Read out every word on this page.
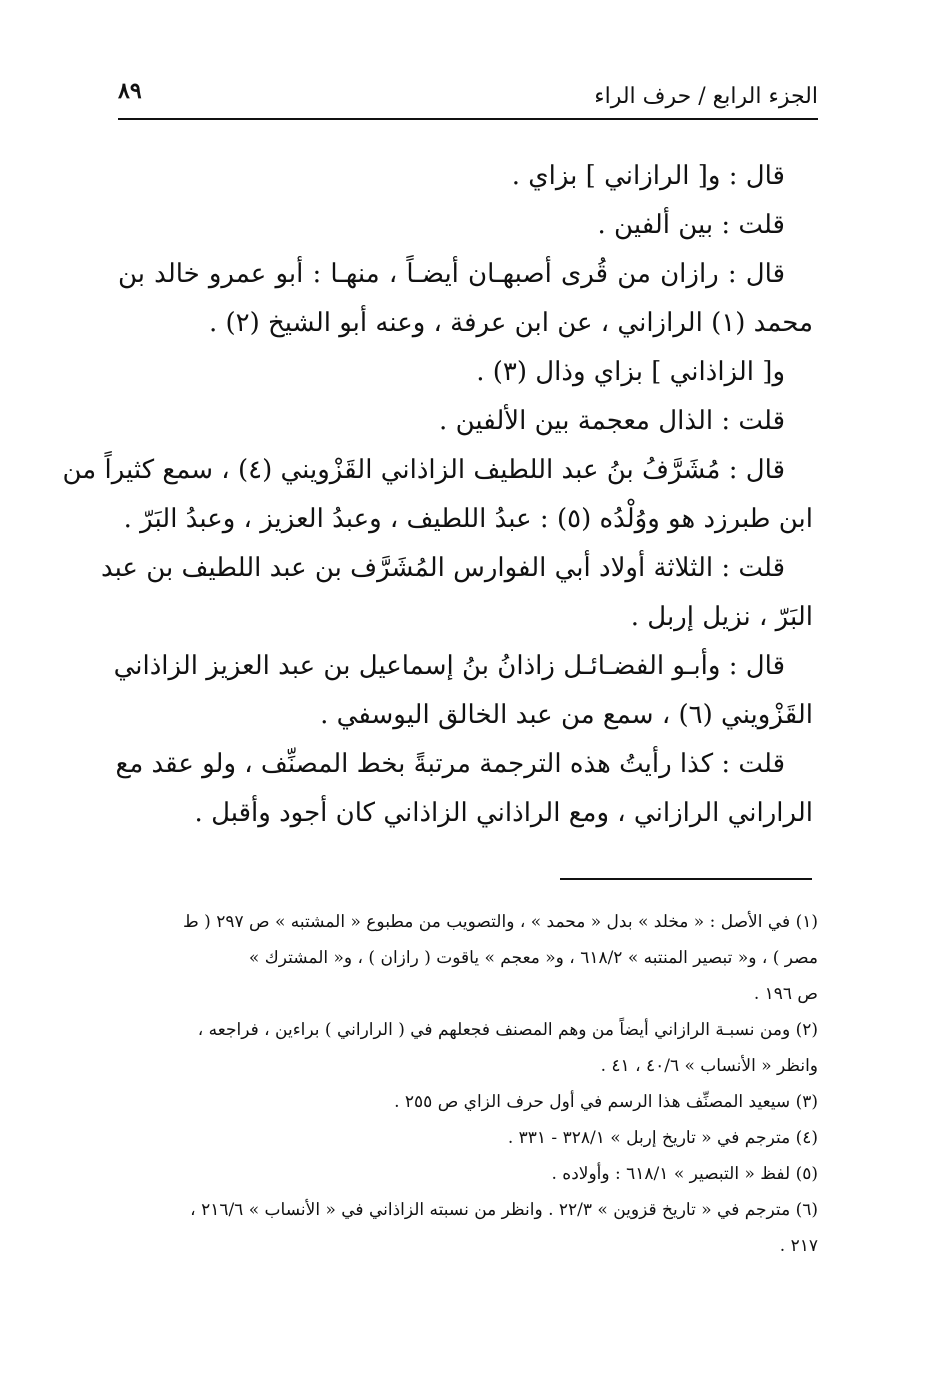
٨٩	الجزء الرابع / حرف الراء
قال : و[ الرازاني ] بزاي .
قلت : بين ألفين .
قال : رازان من قُرى أصبهـان أيضـاً ، منهـا : أبو عمرو خالد بن
محمد (١) الرازاني ، عن ابن عرفة ، وعنه أبو الشيخ (٢) .
و[ الزاذاني ] بزاي وذال (٣) .
قلت : الذال معجمة بين الألفين .
قال : مُشَرَّفُ بنُ عبد اللطيف الزاذاني القَزْويني (٤) ، سمع كثيراً من
ابن طبرزد هو ووُلْدُه (٥) : عبدُ اللطيف ، وعبدُ العزيز ، وعبدُ البَرّ .
قلت : الثلاثة أولاد أبي الفوارس المُشَرَّف بن عبد اللطيف بن عبد
البَرّ ، نزيل إربل .
قال : وأبـو الفضـائـل زاذانُ بنُ إسماعيل بن عبد العزيز الزاذاني
القَزْويني (٦) ، سمع من عبد الخالق اليوسفي .
قلت : كذا رأيتُ هذه الترجمة مرتبةً بخط المصنِّف ، ولو عقد مع
الراراني الرازاني ، ومع الراذاني الزاذاني كان أجود وأقبل .
(١) في الأصل : « مخلد » بدل « محمد » ، والتصويب من مطبوع « المشتبه » ص ٢٩٧ ( ط
مصر ) ، و« تبصير المنتبه » ٦١٨/٢ ، و« معجم » ياقوت ( رازان ) ، و« المشترك »
ص ١٩٦ .
(٢) ومن نسبـة الرازاني أيضاً من وهم المصنف فجعلهم في ( الراراني ) براءين ، فراجعه ،
وانظر « الأنساب » ٤٠/٦ ، ٤١ .
(٣) سيعيد المصنِّف هذا الرسم في أول حرف الزاي ص ٢٥٥ .
(٤) مترجم في « تاريخ إربل » ٣٢٨/١ - ٣٣١ .
(٥) لفظ « التبصير » ٦١٨/١ : وأولاده .
(٦) مترجم في « تاريخ قزوين » ٢٢/٣ . وانظر من نسبته الزاذاني في « الأنساب » ٢١٦/٦ ،
٢١٧ .
